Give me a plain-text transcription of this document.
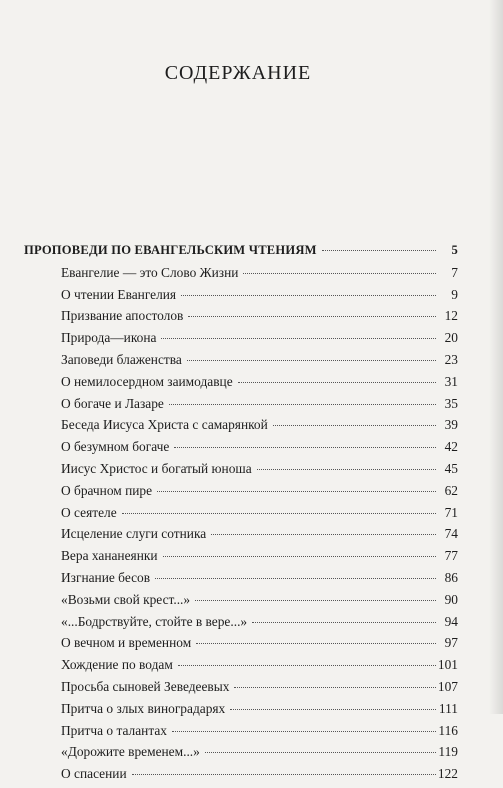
СОДЕРЖАНИЕ
ПРОПОВЕДИ ПО ЕВАНГЕЛЬСКИМ ЧТЕНИЯМ	5
Евангелие — это Слово Жизни	7
О чтении Евангелия	9
Призвание апостолов	12
Природа—икона	20
Заповеди блаженства	23
О немилосердном заимодавце	31
О богаче и Лазаре	35
Беседа Иисуса Христа с самарянкой	39
О безумном богаче	42
Иисус Христос и богатый юноша	45
О брачном пире	62
О сеятеле	71
Исцеление слуги сотника	74
Вера хананеянки	77
Изгнание бесов	86
«Возьми свой крест...»	90
«...Бодрствуйте, стойте в вере...»	94
О вечном и временном	97
Хождение по водам	101
Просьба сыновей Зеведеевых	107
Притча о злых виноградарях	111
Притча о талантах	116
«Дорожите временем...»	119
О спасении	122
